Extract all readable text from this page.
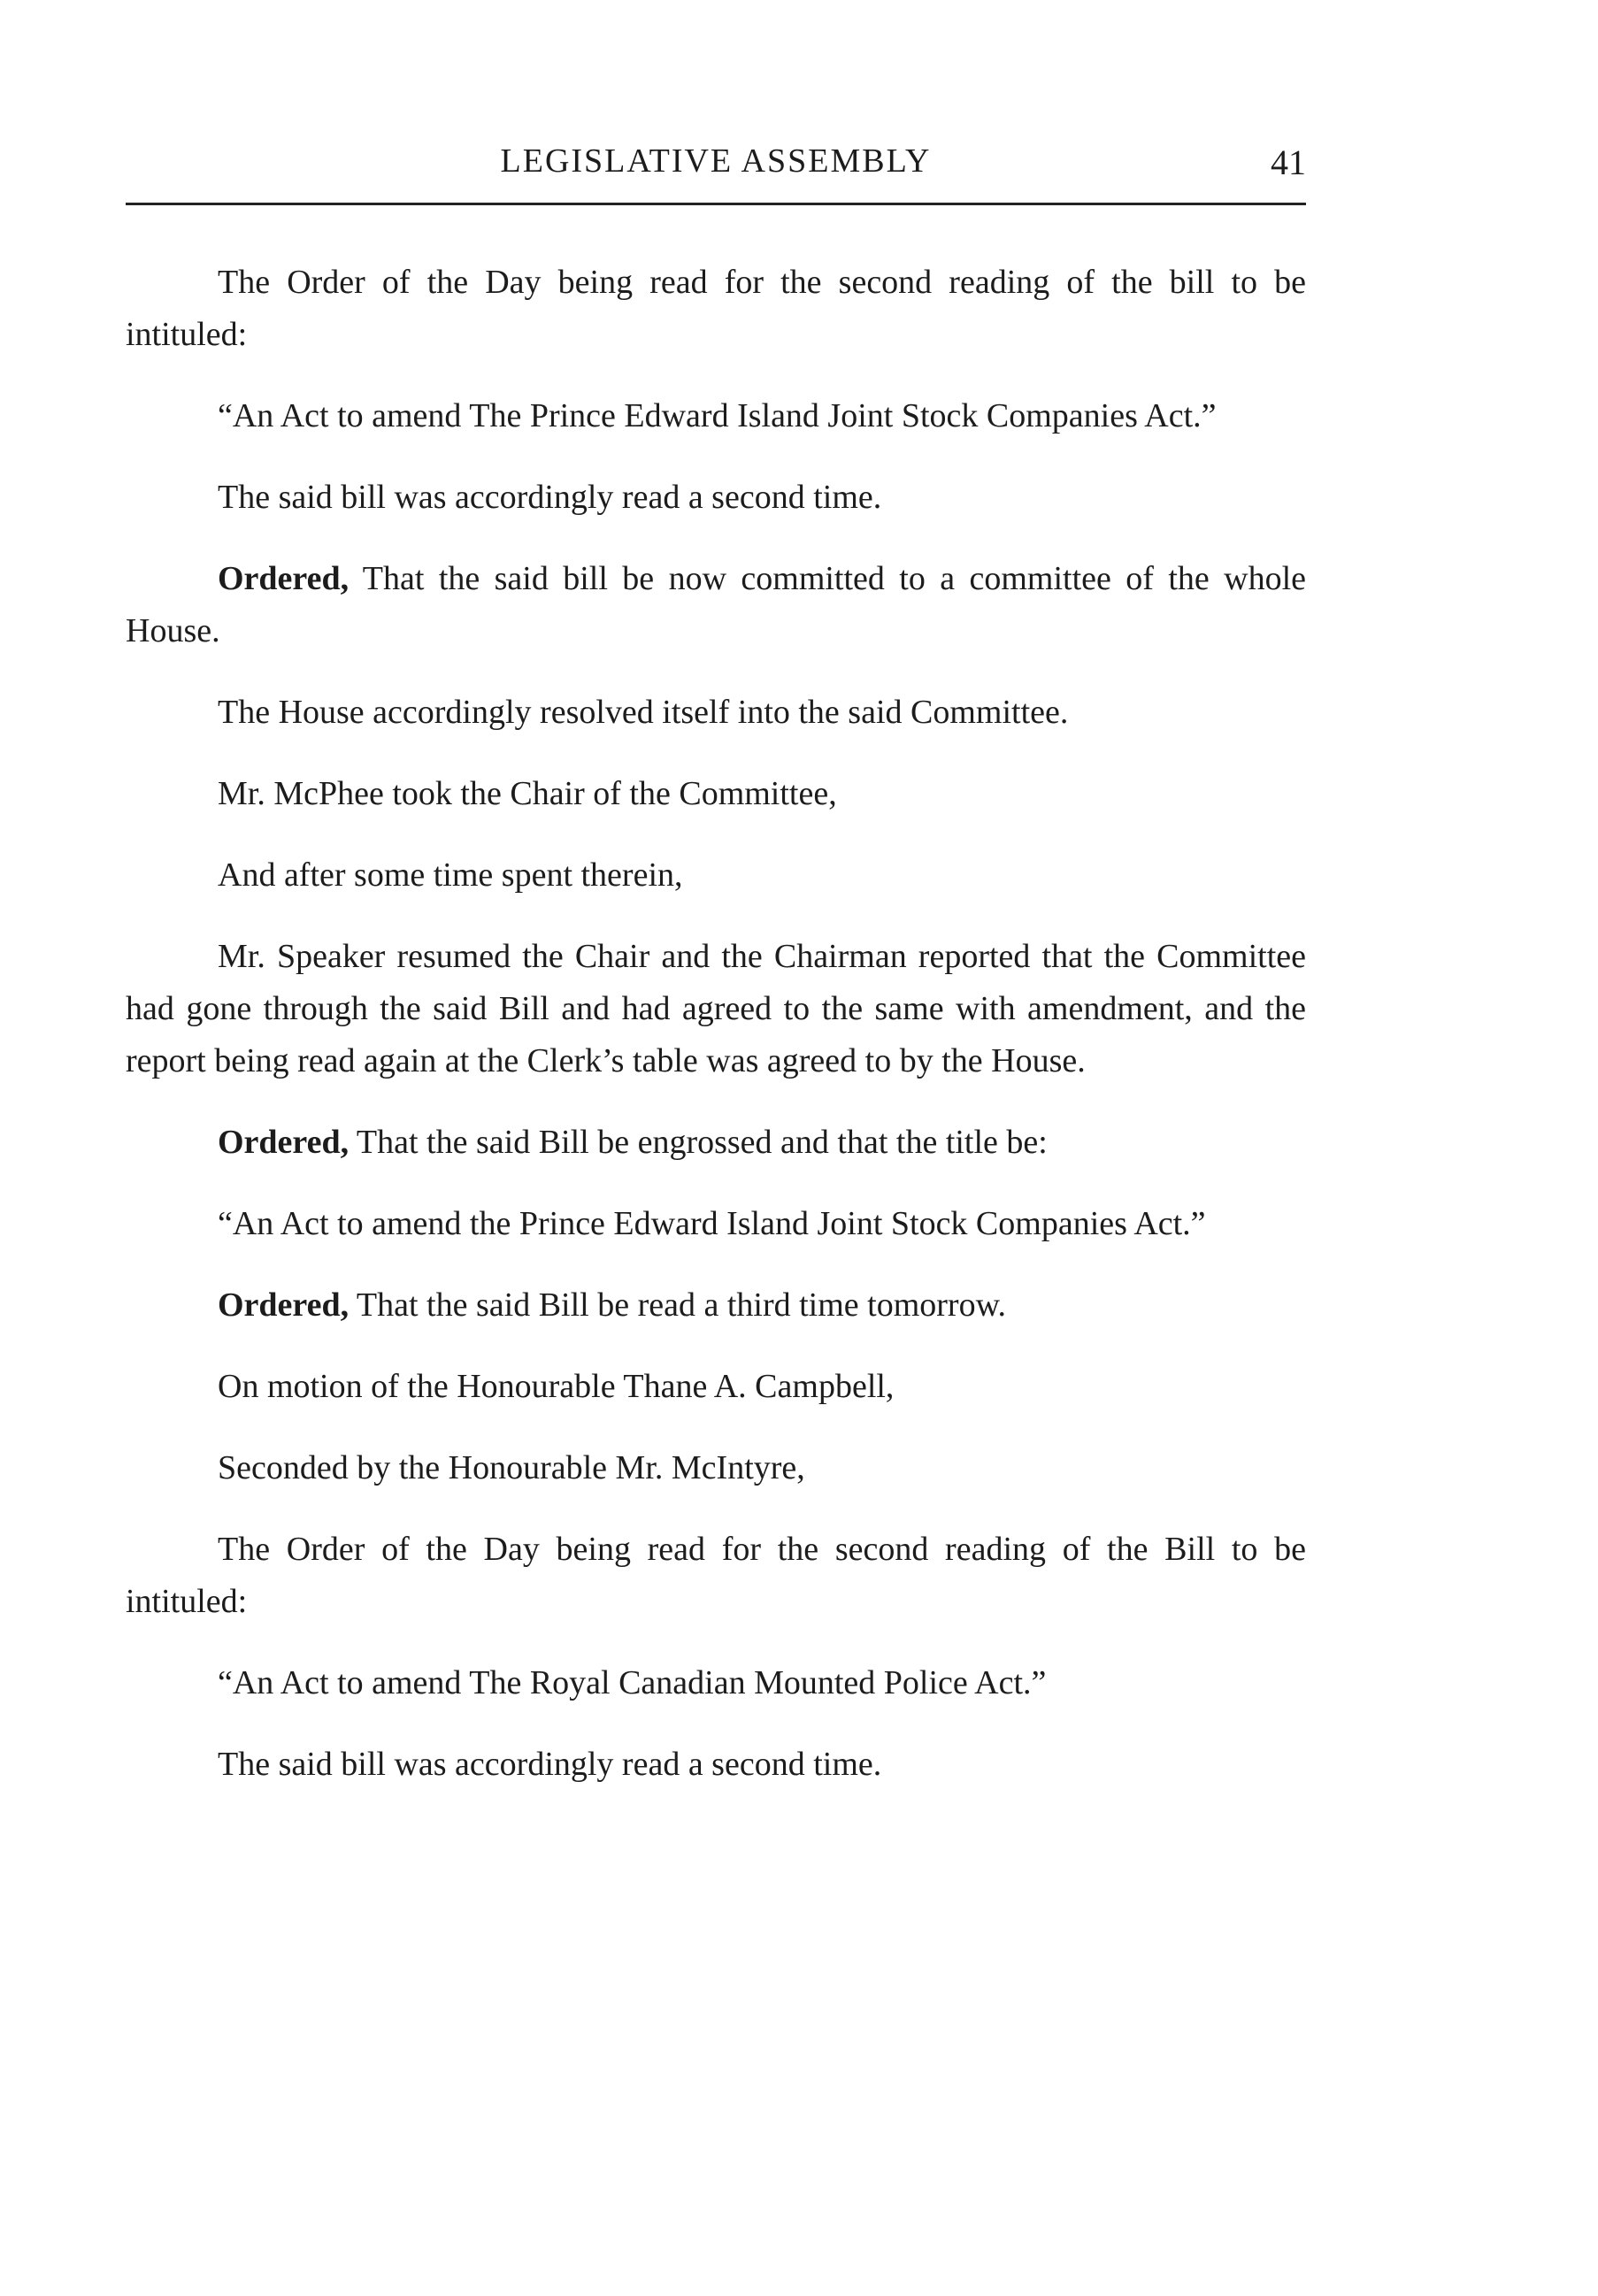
LEGISLATIVE ASSEMBLY	41

The Order of the Day being read for the second reading of the bill to be intituled:

“An Act to amend The Prince Edward Island Joint Stock Companies Act.”

The said bill was accordingly read a second time.

Ordered, That the said bill be now committed to a committee of the whole House.

The House accordingly resolved itself into the said Committee.

Mr. McPhee took the Chair of the Committee,

And after some time spent therein,

Mr. Speaker resumed the Chair and the Chairman reported that the Committee had gone through the said Bill and had agreed to the same with amendment, and the report being read again at the Clerk’s table was agreed to by the House.

Ordered, That the said Bill be engrossed and that the title be:

“An Act to amend the Prince Edward Island Joint Stock Companies Act.”

Ordered, That the said Bill be read a third time tomorrow.

On motion of the Honourable Thane A. Campbell,

Seconded by the Honourable Mr. McIntyre,

The Order of the Day being read for the second reading of the Bill to be intituled:

“An Act to amend The Royal Canadian Mounted Police Act.”

The said bill was accordingly read a second time.
